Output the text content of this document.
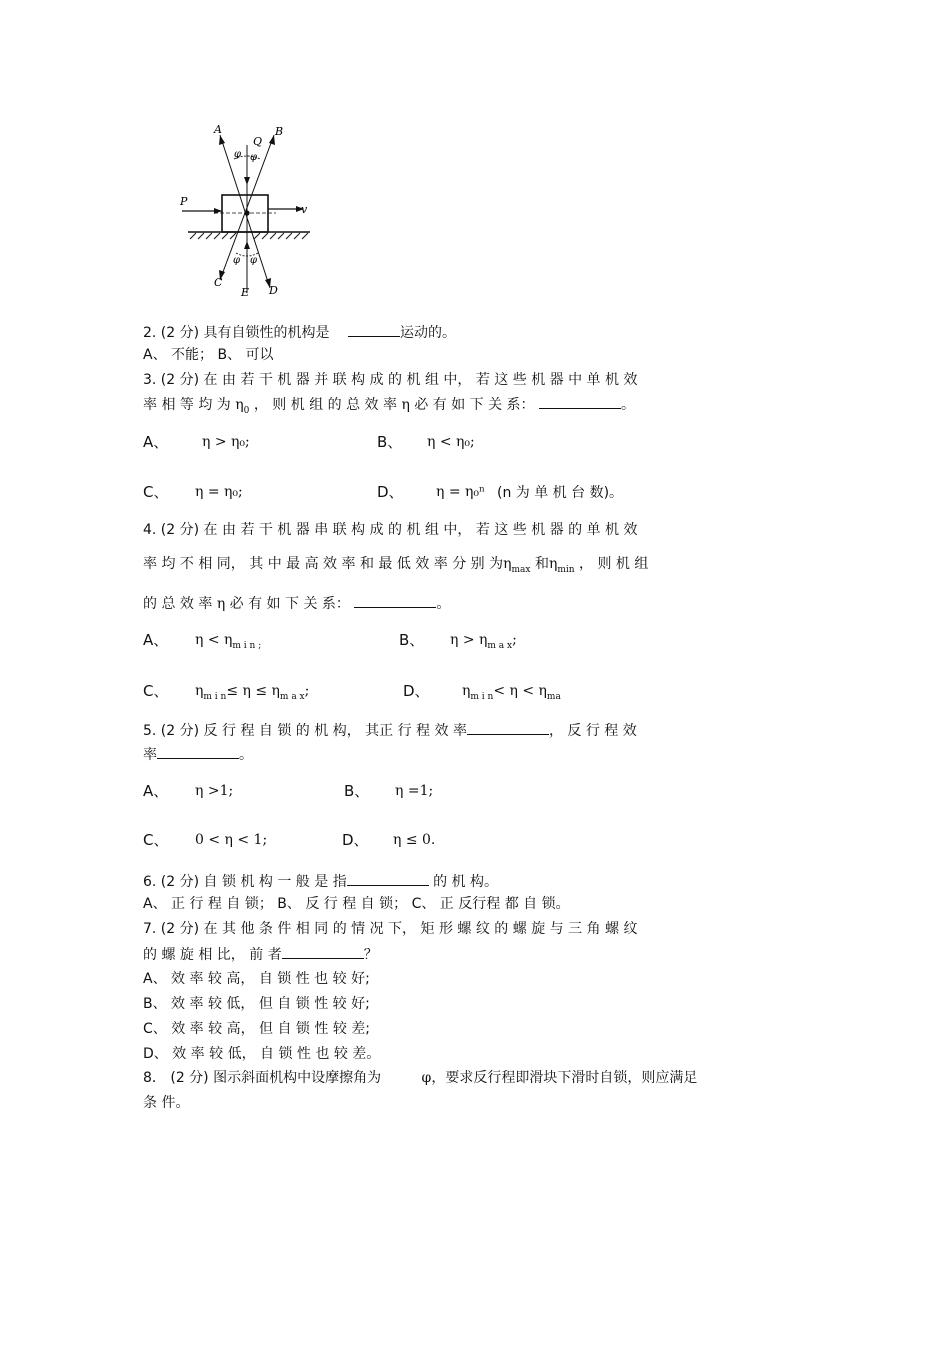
A
Q
B
P
v
C
E D
φ φ
φ φ
2. (2 分) 具有自锁性的机构是	运动的。
A、 不能； B、 可以
3. (2 分) 在 由 若 干 机 器 并 联 构 成 的 机 组 中， 若 这 些 机 器 中 单 机 效
率 相 等 均 为 $\eta_0$ ， 则 机 组 的 总 效 率 η 必 有 如 下 关 系：	。
A、 η > η₀;	B、 η < η₀;
C、 η = η₀;	D、 η = η₀ⁿ (n 为 单 机 台 数)。
4. (2 分) 在 由 若 干 机 器 串 联 构 成 的 机 组 中， 若 这 些 机 器 的 单 机 效
率 均 不 相 同， 其 中 最 高 效 率 和 最 低 效 率 分 别 为$\eta_{max}$ 和$\eta_{min}$ ， 则 机 组
的 总 效 率 η 必 有 如 下 关 系：	。
A、 $\eta < \eta_{m i n ;}$	B、 $\eta > \eta_{m a x}$;
C、 $\eta_{m i n}\le \eta \le \eta_{m a x}$;	D、 $\eta_{m i n}< \eta < \eta_{ma}$
5. (2 分) 反 行 程 自 锁 的 机 构， 其正 行 程 效 率	， 反 行 程 效
率	。
A、 η >1;	B、 η =1;
C、 0 < η < 1;	D、 η ≤ 0.
6. (2 分) 自 锁 机 构 一 般 是 指	的 机 构。
A、 正 行 程 自 锁； B、 反 行 程 自 锁； C、 正 反行程 都 自 锁。
7. (2 分) 在 其 他 条 件 相 同 的 情 况 下， 矩 形 螺 纹 的 螺 旋 与 三 角 螺 纹
的 螺 旋 相 比， 前 者	？
A、 效 率 较 高， 自 锁 性 也 较 好;
B、 效 率 较 低， 但 自 锁 性 较 好;
C、 效 率 较 高， 但 自 锁 性 较 差;
D、 效 率 较 低， 自 锁 性 也 较 差。
8． (2 分) 图示斜面机构中设摩擦角为	φ，要求反行程即滑块下滑时自锁，则应满足
条 件。
